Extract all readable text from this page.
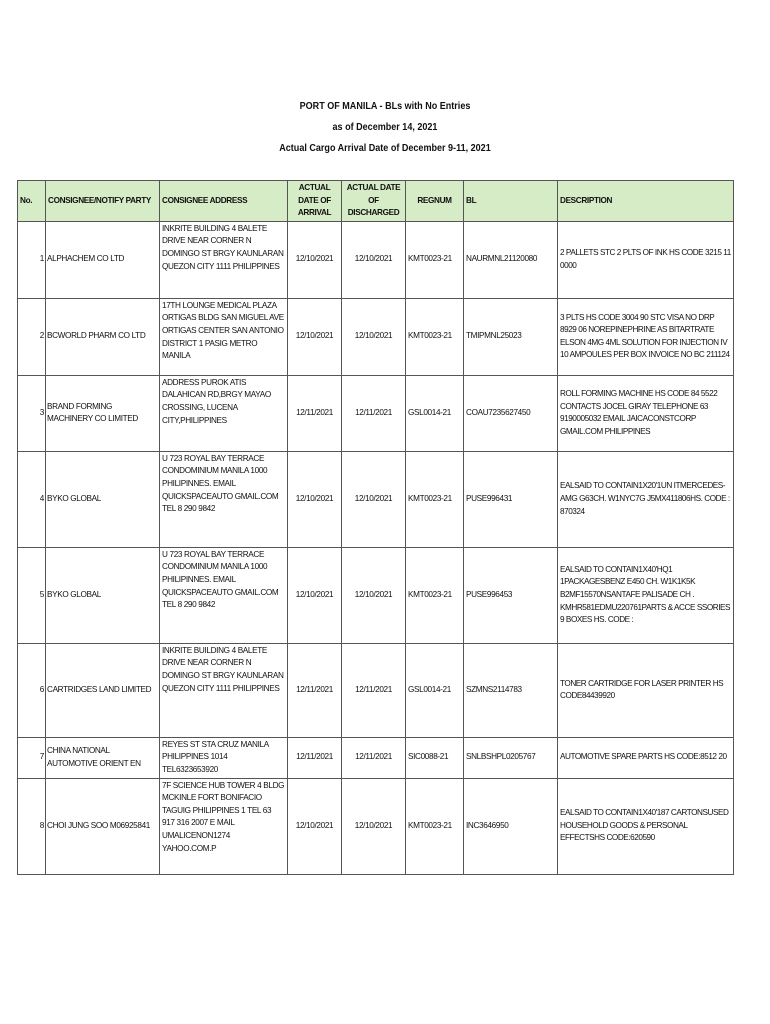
PORT OF MANILA - BLs with No Entries
as of December 14, 2021
Actual Cargo Arrival Date of December 9-11, 2021
No.	CONSIGNEE/NOTIFY PARTY	CONSIGNEE ADDRESS	ACTUAL DATE OF ARRIVAL	ACTUAL DATE OF DISCHARGED	REGNUM	BL	DESCRIPTION
1	ALPHACHEM CO LTD	INKRITE BUILDING 4 BALETE DRIVE NEAR CORNER N DOMINGO ST BRGY KAUNLARAN QUEZON CITY 1111 PHILIPPINES	12/10/2021	12/10/2021	KMT0023-21	NAURMNL21120080	2 PALLETS STC 2 PLTS OF INK HS CODE 3215 11 0000
2	BCWORLD PHARM CO LTD	17TH LOUNGE MEDICAL PLAZA ORTIGAS BLDG SAN MIGUEL AVE ORTIGAS CENTER SAN ANTONIO DISTRICT 1 PASIG METRO MANILA	12/10/2021	12/10/2021	KMT0023-21	TMIPMNL25023	3 PLTS HS CODE 3004 90 STC VISA NO DRP 8929 06 NOREPINEPHRINE AS BITARTRATE ELSON 4MG 4ML SOLUTION FOR INJECTION IV 10 AMPOULES PER BOX INVOICE NO BC 211124
3	BRAND FORMING MACHINERY CO LIMITED	ADDRESS PUROK ATIS DALAHICAN RD,BRGY MAYAO CROSSING, LUCENA CITY,PHILIPPINES	12/11/2021	12/11/2021	GSL0014-21	COAU7235627450	ROLL FORMING MACHINE HS CODE 84 5522 CONTACTS JOCEL GIRAY TELEPHONE 63 9190005032 EMAIL JAICACONSTCORP GMAIL.COM PHILIPPINES
4	BYKO GLOBAL	U 723 ROYAL BAY TERRACE CONDOMINIUM MANILA 1000 PHILIPINNES. EMAIL QUICKSPACEAUTO GMAIL.COM TEL 8 290 9842	12/10/2021	12/10/2021	KMT0023-21	PUSE996431	EALSAID TO CONTAIN1X20'1UN ITMERCEDES-AMG G63CH. W1NYC7G J5MX411806HS. CODE : 870324
5	BYKO GLOBAL	U 723 ROYAL BAY TERRACE CONDOMINIUM MANILA 1000 PHILIPINNES. EMAIL QUICKSPACEAUTO GMAIL.COM TEL 8 290 9842	12/10/2021	12/10/2021	KMT0023-21	PUSE996453	EALSAID TO CONTAIN1X40'HQ1 1PACKAGESBENZ E450 CH. W1K1K5K B2MF15570NSANTAFE PALISADE CH . KMHR581EDMU220761PARTS & ACCE SSORIES 9 BOXES HS. CODE :
6	CARTRIDGES LAND LIMITED	INKRITE BUILDING 4 BALETE DRIVE NEAR CORNER N DOMINGO ST BRGY KAUNLARAN QUEZON CITY 1111 PHILIPPINES	12/11/2021	12/11/2021	GSL0014-21	SZMNS2114783	TONER CARTRIDGE FOR LASER PRINTER HS CODE84439920
7	CHINA NATIONAL AUTOMOTIVE ORIENT EN	REYES ST STA CRUZ MANILA PHILIPPINES 1014 TEL6323653920	12/11/2021	12/11/2021	SIC0088-21	SNLBSHPL0205767	AUTOMOTIVE SPARE PARTS HS CODE:8512 20
8	CHOI JUNG SOO M06925841	7F SCIENCE HUB TOWER 4 BLDG MCKINLE FORT BONIFACIO TAGUIG PHILIPPINES 1 TEL 63 917 316 2007 E MAIL UMALICENON1274 YAHOO.COM.P	12/10/2021	12/10/2021	KMT0023-21	INC3646950	EALSAID TO CONTAIN1X40'187 CARTONSUSED HOUSEHOLD GOODS & PERSONAL EFFECTSHS CODE:620590
